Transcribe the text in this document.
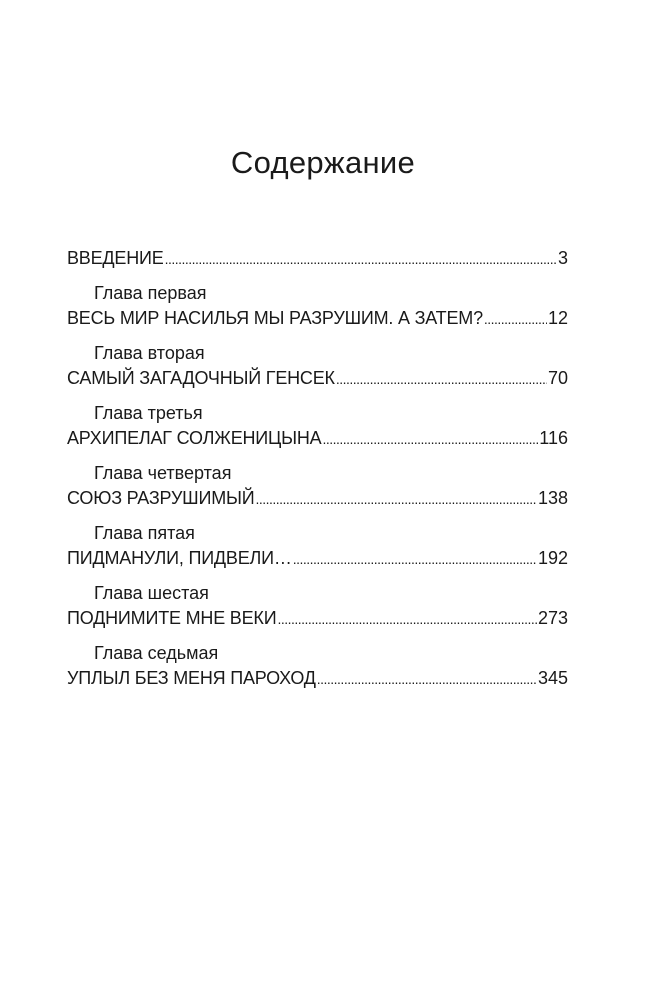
Содержание
ВВЕДЕНИЕ . . .	3
Глава первая
ВЕСЬ МИР НАСИЛЬЯ МЫ РАЗРУШИМ. А ЗАТЕМ? . . .	12
Глава вторая
САМЫЙ ЗАГАДОЧНЫЙ ГЕНСЕК . . .	70
Глава третья
АРХИПЕЛАГ СОЛЖЕНИЦЫНА . . .	116
Глава четвертая
СОЮЗ РАЗРУШИМЫЙ . . .	138
Глава пятая
ПИДМАНУЛИ, ПИДВЕЛИ… . . .	192
Глава шестая
ПОДНИМИТЕ МНЕ ВЕКИ . . .	273
Глава седьмая
УПЛЫЛ БЕЗ МЕНЯ ПАРОХОД . . .	345
